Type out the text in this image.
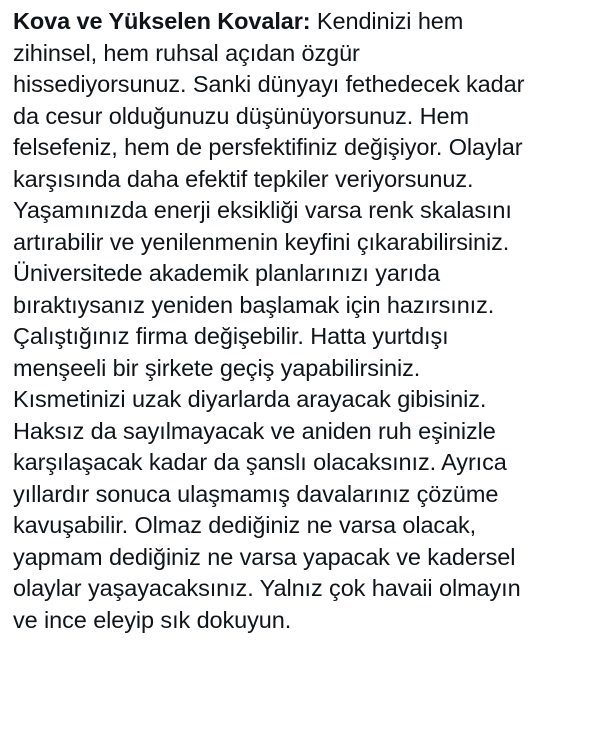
Kova ve Yükselen Kovalar: Kendinizi hem
zihinsel, hem ruhsal açıdan özgür
hissediyorsunuz. Sanki dünyayı fethedecek kadar
da cesur olduğunuzu düşünüyorsunuz. Hem
felsefeniz, hem de persfektifiniz değişiyor. Olaylar
karşısında daha efektif tepkiler veriyorsunuz.
Yaşamınızda enerji eksikliği varsa renk skalasını
artırabilir ve yenilenmenin keyfini çıkarabilirsiniz.
Üniversitede akademik planlarınızı yarıda
bıraktıysanız yeniden başlamak için hazırsınız.
Çalıştığınız firma değişebilir. Hatta yurtdışı
menşeeli bir şirkete geçiş yapabilirsiniz.
Kısmetinizi uzak diyarlarda arayacak gibisiniz.
Haksız da sayılmayacak ve aniden ruh eşinizle
karşılaşacak kadar da şanslı olacaksınız. Ayrıca
yıllardır sonuca ulaşmamış davalarınız çözüme
kavuşabilir. Olmaz dediğiniz ne varsa olacak,
yapmam dediğiniz ne varsa yapacak ve kadersel
olaylar yaşayacaksınız. Yalnız çok havaii olmayın
ve ince eleyip sık dokuyun.
